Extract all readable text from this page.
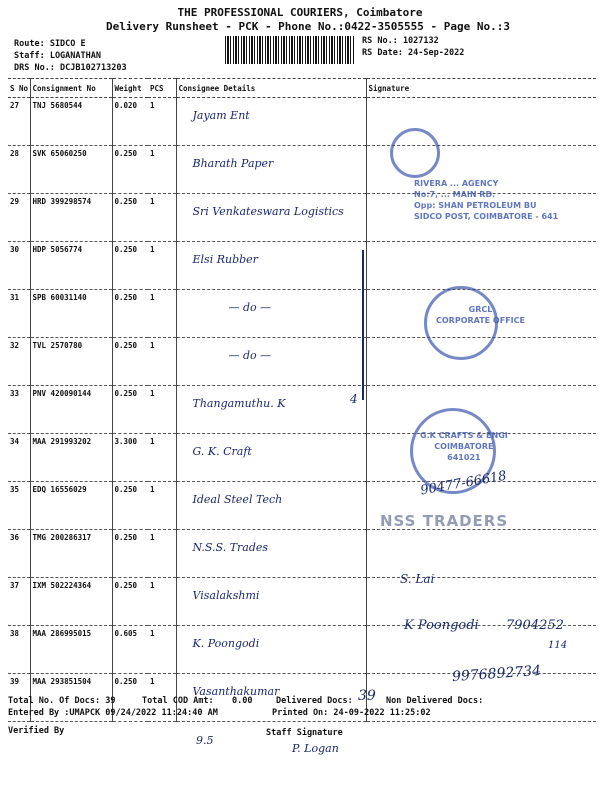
THE PROFESSIONAL COURIERS, Coimbatore
Delivery Runsheet - PCK - Phone No.:0422-3505555 - Page No.:3
Route: SIDCO E
Staff: LOGANATHAN
DRS No.: DCJB102713203
RS No.: 1027132
RS Date: 24-Sep-2022
S No	Consignment No	Weight	PCS	Consignee Details	Signature
27	TNJ 5680544	0.020	1	Jayam Ent	

28	SVK 65060250	0.250	1	Bharath Paper	

29	HRD 399298574	0.250	1	Sri Venkateswara Logistics	

30	HDP 5056774	0.250	1	Elsi Rubber	

31	SPB 60031140	0.250	1	— do —	

32	TVL 2570780	0.250	1	— do —	

33	PNV 420090144	0.250	1	Thangamuthu. K	

34	MAA 291993202	3.300	1	G. K. Craft	

35	EDQ 16556029	0.250	1	Ideal Steel Tech	

36	TMG 200286317	0.250	1	N.S.S. Trades	

37	IXM 502224364	0.250	1	Visalakshmi	

38	MAA 286995015	0.605	1	K. Poongodi	

39	MAA 293851504	0.250	1	Vasanthakumar	

4
RIVERA ... AGENCY
No:7, ... MAIN RD.
Opp: SHAN PETROLEUM BU
SIDCO POST, COIMBATORE - 641
GRCL
CORPORATE OFFICE
G.K CRAFTS & ENGI
COIMBATORE
641021
NSS TRADERS
90477-66618
S. Lai
K Poongodi 7904252
114
9976892734
Total No. Of Docs: 39	Total COD Amt: 0.00	Delivered Docs: 39 Non Delivered Docs:
Entered By :UMAPCK 09/24/2022 11:24:40 AM	Printed On: 24-09-2022 11:25:02
Verified By	Staff Signature
9.5
P. Logan
